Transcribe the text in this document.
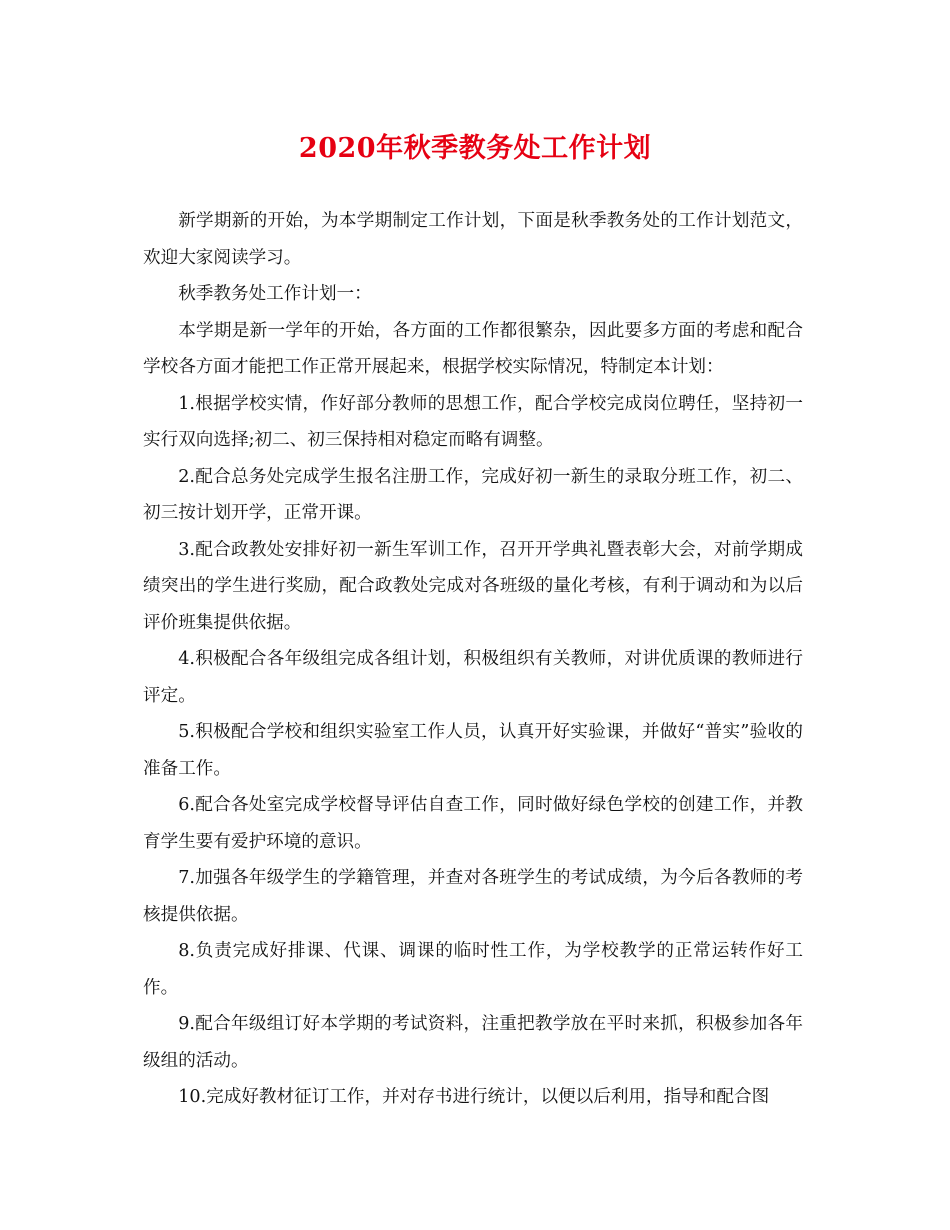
2020年秋季教务处工作计划

新学期新的开始，为本学期制定工作计划，下面是秋季教务处的工作计划范文，欢迎大家阅读学习。

秋季教务处工作计划一：

本学期是新一学年的开始，各方面的工作都很繁杂，因此要多方面的考虑和配合学校各方面才能把工作正常开展起来，根据学校实际情况，特制定本计划：

1.根据学校实情，作好部分教师的思想工作，配合学校完成岗位聘任，坚持初一实行双向选择;初二、初三保持相对稳定而略有调整。

2.配合总务处完成学生报名注册工作，完成好初一新生的录取分班工作，初二、初三按计划开学，正常开课。

3.配合政教处安排好初一新生军训工作，召开开学典礼暨表彰大会，对前学期成绩突出的学生进行奖励，配合政教处完成对各班级的量化考核，有利于调动和为以后评价班集提供依据。

4.积极配合各年级组完成各组计划，积极组织有关教师，对讲优质课的教师进行评定。

5.积极配合学校和组织实验室工作人员，认真开好实验课，并做好“普实”验收的准备工作。

6.配合各处室完成学校督导评估自查工作，同时做好绿色学校的创建工作，并教育学生要有爱护环境的意识。

7.加强各年级学生的学籍管理，并查对各班学生的考试成绩，为今后各教师的考核提供依据。

8.负责完成好排课、代课、调课的临时性工作，为学校教学的正常运转作好工作。

9.配合年级组订好本学期的考试资料，注重把教学放在平时来抓，积极参加各年级组的活动。

10.完成好教材征订工作，并对存书进行统计，以便以后利用，指导和配合图
